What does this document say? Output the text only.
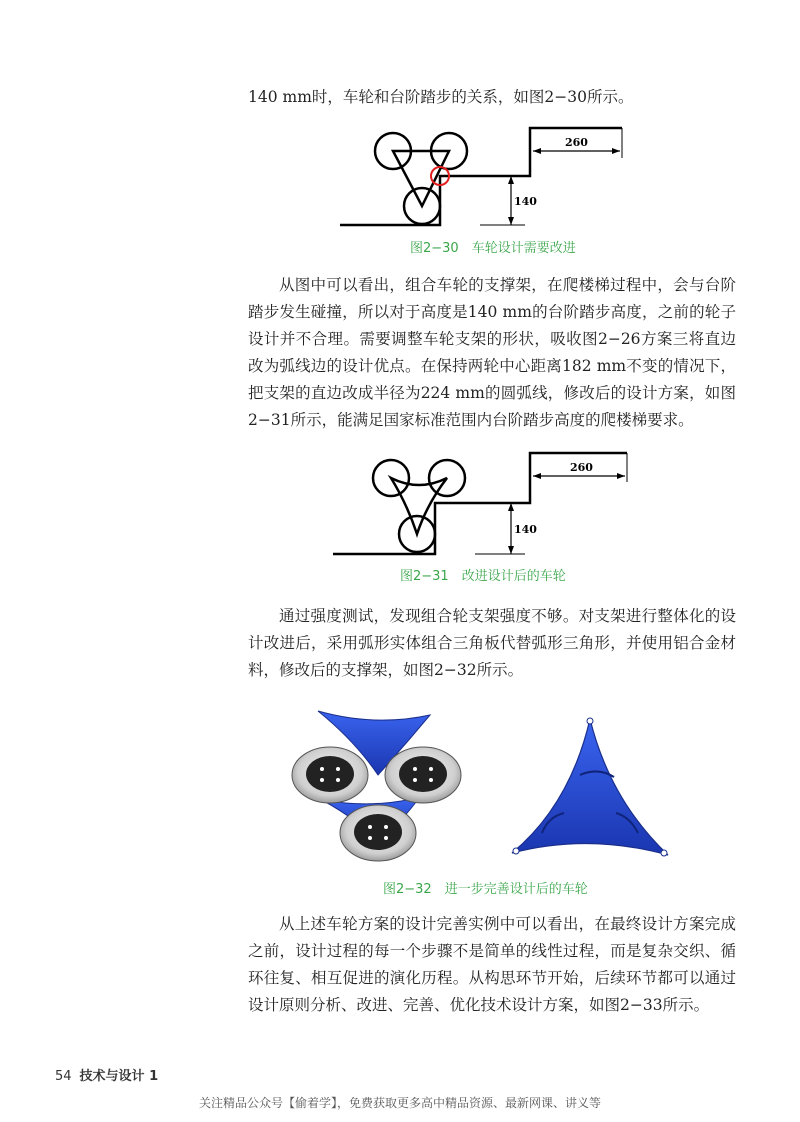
140 mm时，车轮和台阶踏步的关系，如图2−30所示。

140
260
图2−30　车轮设计需要改进

从图中可以看出，组合车轮的支撑架，在爬楼梯过程中，会与台阶踏步发生碰撞，所以对于高度是140 mm的台阶踏步高度，之前的轮子设计并不合理。需要调整车轮支架的形状，吸收图2−26方案三将直边改为弧线边的设计优点。在保持两轮中心距离182 mm不变的情况下，把支架的直边改成半径为224 mm的圆弧线，修改后的设计方案，如图2−31所示，能满足国家标准范围内台阶踏步高度的爬楼梯要求。

140
260
图2−31　改进设计后的车轮

通过强度测试，发现组合轮支架强度不够。对支架进行整体化的设计改进后，采用弧形实体组合三角板代替弧形三角形，并使用铝合金材料，修改后的支撑架，如图2−32所示。

图2−32　进一步完善设计后的车轮

从上述车轮方案的设计完善实例中可以看出，在最终设计方案完成之前，设计过程的每一个步骤不是简单的线性过程，而是复杂交织、循环往复、相互促进的演化历程。从构思环节开始，后续环节都可以通过设计原则分析、改进、完善、优化技术设计方案，如图2−33所示。

54 技术与设计 1
关注精品公众号【偷着学】，免费获取更多高中精品资源、最新网课、讲义等
